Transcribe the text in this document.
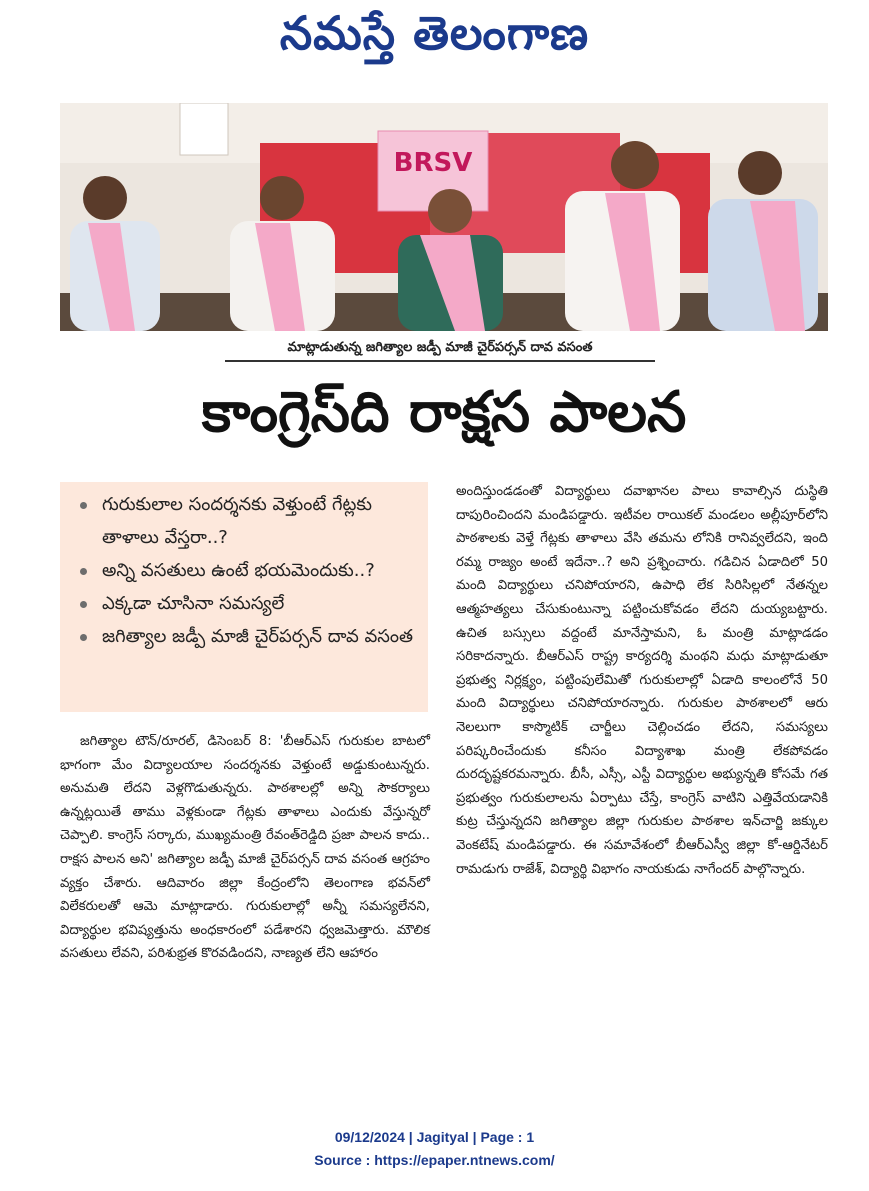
నమస్తే తెలంగాణ
BRSV
మాట్లాడుతున్న జగిత్యాల జడ్పీ మాజీ చైర్‌పర్సన్ దావ వసంత
కాంగ్రెస్‌ది రాక్షస పాలన
గురుకులాల సందర్శనకు వెళ్తుంటే గేట్లకు తాళాలు వేస్తరా..?
అన్ని వసతులు ఉంటే భయమెందుకు..?
ఎక్కడా చూసినా సమస్యలే
జగిత్యాల జడ్పీ మాజీ చైర్‌పర్సన్ దావ వసంత
జగిత్యాల టౌన్/రూరల్, డిసెంబర్ 8: 'బీఆర్‌ఎస్ గురుకుల బాటలో భాగంగా మేం విద్యాలయాల సందర్శనకు వెళ్తుంటే అడ్డుకుంటున్నరు. అనుమతి లేదని వెళ్లగొడుతున్నరు. పాఠశాలల్లో అన్ని సౌకర్యాలు ఉన్నట్లయితే తాము వెళ్లకుండా గేట్లకు తాళాలు ఎందుకు వేస్తున్నరో చెప్పాలి. కాంగ్రెస్ సర్కారు, ముఖ్యమంత్రి రేవంత్‌రెడ్డిది ప్రజా పాలన కాదు.. రాక్షస పాలన అని' జగిత్యాల జడ్పీ మాజీ చైర్‌పర్సన్ దావ వసంత ఆగ్రహం వ్యక్తం చేశారు. ఆదివారం జిల్లా కేంద్రంలోని తెలంగాణ భవన్‌లో విలేకరులతో ఆమె మాట్లాడారు. గురుకులాల్లో అన్నీ సమస్యలేనని, విద్యార్థుల భవిష్యత్తును అంధకారంలో పడేశారని ధ్వజమెత్తారు. మౌలిక వసతులు లేవని, పరిశుభ్రత కొరవడిందని, నాణ్యత లేని ఆహారం
అందిస్తుండడంతో విద్యార్థులు దవాఖానల పాలు కావాల్సిన దుస్థితి దాపురించిందని మండిపడ్డారు. ఇటీవల రాయికల్ మండలం అల్లీపూర్‌లోని పాఠశాలకు వెళ్తే గేట్లకు తాళాలు వేసి తమను లోనికి రానివ్వలేదని, ఇంది రమ్మ రాజ్యం అంటే ఇదేనా..? అని ప్రశ్నించారు. గడిచిన ఏడాదిలో 50 మంది విద్యార్థులు చనిపోయారని, ఉపాధి లేక సిరిసిల్లలో నేతన్నల ఆత్మహత్యలు చేసుకుంటున్నా పట్టించుకోవడం లేదని దుయ్యబట్టారు. ఉచిత బస్సులు వద్దంటే మానేస్తామని, ఓ మంత్రి మాట్లాడడం సరికాదన్నారు. బీఆర్‌ఎస్ రాష్ట్ర కార్యదర్శి మంథని మధు మాట్లాడుతూ ప్రభుత్వ నిర్లక్ష్యం, పట్టింపులేమితో గురుకులాల్లో ఏడాది కాలంలోనే 50 మంది విద్యార్థులు చనిపోయారన్నారు. గురుకుల పాఠశాలలో ఆరు నెలలుగా కాస్మొటిక్ చార్జీలు చెల్లించడం లేదని, సమస్యలు పరిష్కరించేందుకు కనీసం విద్యాశాఖ మంత్రి లేకపోవడం దురదృష్టకరమన్నారు. బీసీ, ఎస్సీ, ఎస్టీ విద్యార్థుల అభ్యున్నతి కోసమే గత ప్రభుత్వం గురుకులాలను ఏర్పాటు చేస్తే, కాంగ్రెస్ వాటిని ఎత్తివేయడానికి కుట్ర చేస్తున్నదని జగిత్యాల జిల్లా గురుకుల పాఠశాల ఇన్‌చార్జి జక్కుల వెంకటేష్ మండిపడ్డారు. ఈ సమావేశంలో బీఆర్‌ఎస్వీ జిల్లా కో-ఆర్డినేటర్ రామడుగు రాజేశ్, విద్యార్థి విభాగం నాయకుడు నాగేందర్ పాల్గొన్నారు.
09/12/2024 | Jagityal | Page : 1
Source : https://epaper.ntnews.com/
